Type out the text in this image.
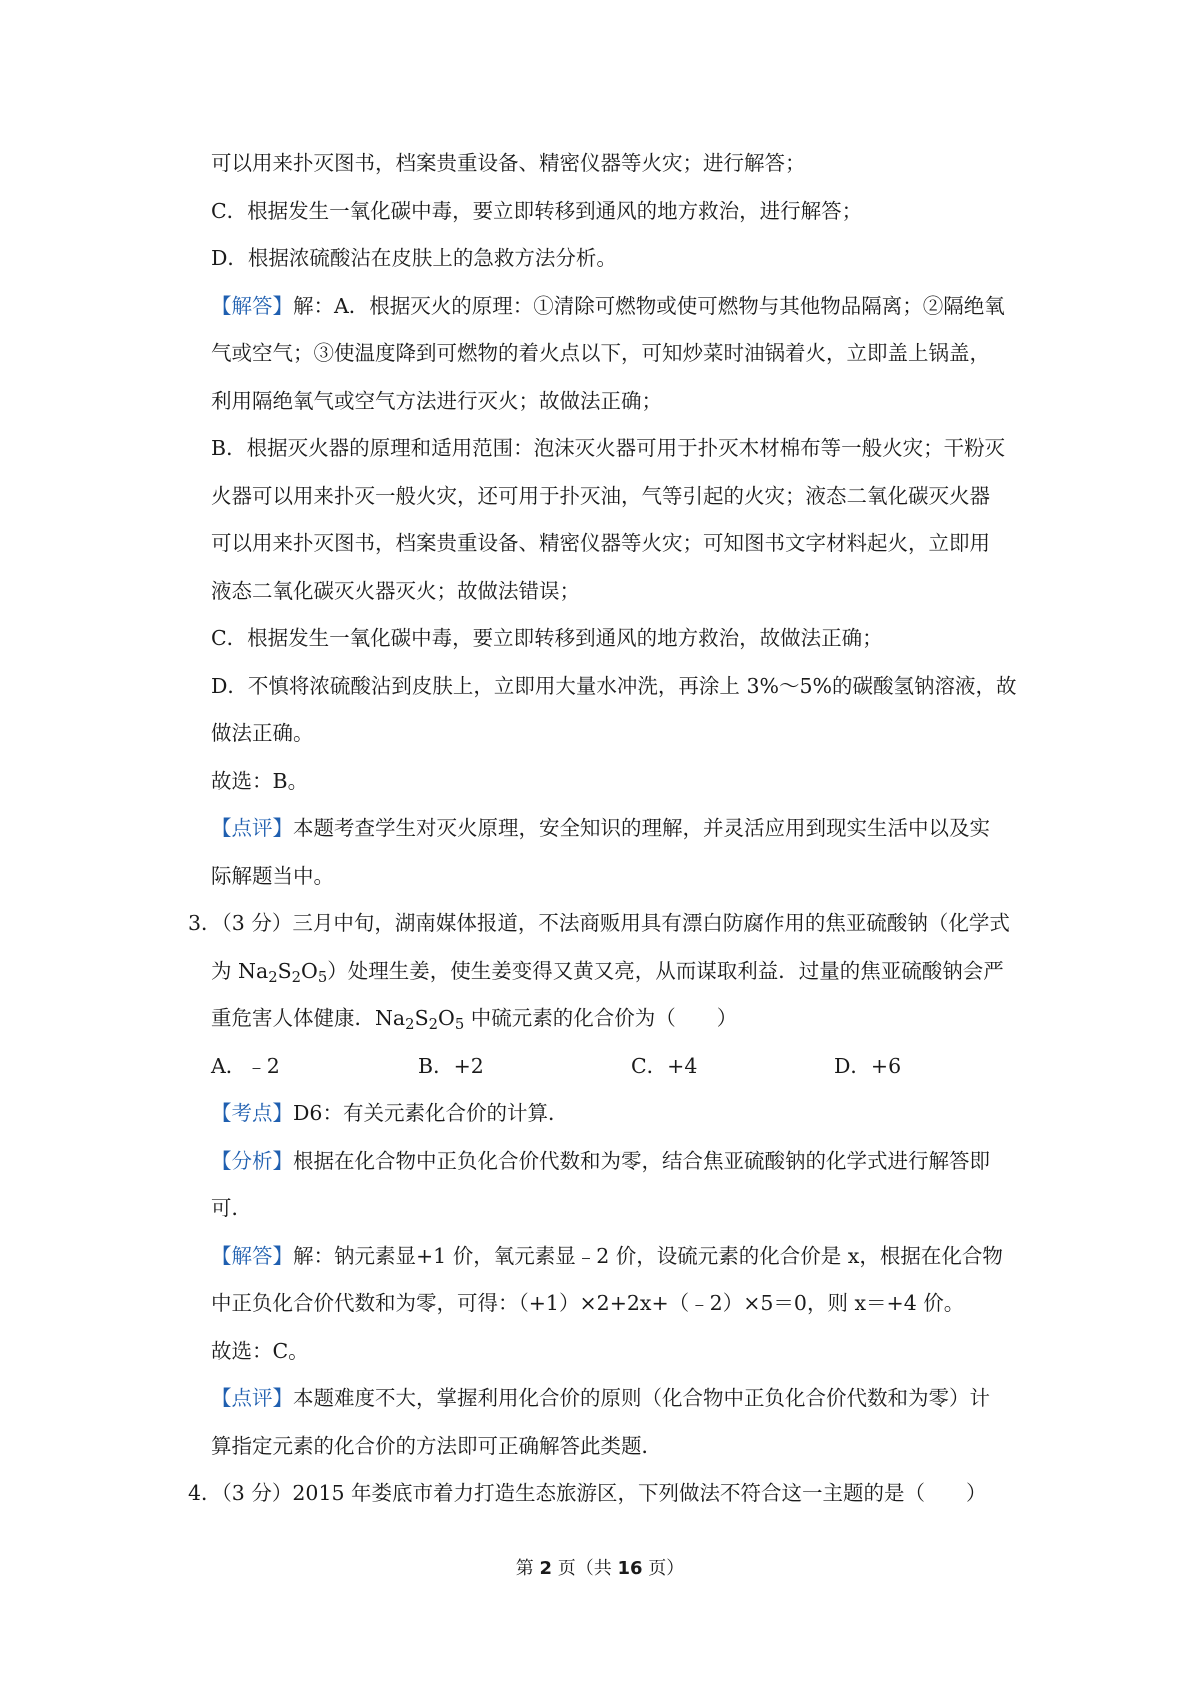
可以用来扑灭图书，档案贵重设备、精密仪器等火灾；进行解答；

C．根据发生一氧化碳中毒，要立即转移到通风的地方救治，进行解答；

D．根据浓硫酸沾在皮肤上的急救方法分析。

【解答】解：A．根据灭火的原理：①清除可燃物或使可燃物与其他物品隔离；②隔绝氧

气或空气；③使温度降到可燃物的着火点以下，可知炒菜时油锅着火，立即盖上锅盖，

利用隔绝氧气或空气方法进行灭火；故做法正确；

B．根据灭火器的原理和适用范围：泡沫灭火器可用于扑灭木材棉布等一般火灾；干粉灭

火器可以用来扑灭一般火灾，还可用于扑灭油，气等引起的火灾；液态二氧化碳灭火器

可以用来扑灭图书，档案贵重设备、精密仪器等火灾；可知图书文字材料起火，立即用

液态二氧化碳灭火器灭火；故做法错误；

C．根据发生一氧化碳中毒，要立即转移到通风的地方救治，故做法正确；

D．不慎将浓硫酸沾到皮肤上，立即用大量水冲洗，再涂上 3%～5%的碳酸氢钠溶液，故

做法正确。

故选：B。

【点评】本题考查学生对灭火原理，安全知识的理解，并灵活应用到现实生活中以及实

际解题当中。

3．（3 分）三月中旬，湖南媒体报道，不法商贩用具有漂白防腐作用的焦亚硫酸钠（化学式

为 $Na_2S_2O_5$）处理生姜，使生姜变得又黄又亮，从而谋取利益．过量的焦亚硫酸钠会严

重危害人体健康．$Na_2S_2O_5$ 中硫元素的化合价为（　　）

A．﹣2	B．+2	C．+4	D．+6

【考点】D6：有关元素化合价的计算．

【分析】根据在化合物中正负化合价代数和为零，结合焦亚硫酸钠的化学式进行解答即

可．

【解答】解：钠元素显+1 价，氧元素显﹣2 价，设硫元素的化合价是 x，根据在化合物

中正负化合价代数和为零，可得：（+1）×2+2x+（﹣2）×5＝0，则 x＝+4 价。

故选：C。

【点评】本题难度不大，掌握利用化合价的原则（化合物中正负化合价代数和为零）计

算指定元素的化合价的方法即可正确解答此类题．

4．（3 分）2015 年娄底市着力打造生态旅游区，下列做法不符合这一主题的是（　　）

第 2 页（共 16 页）
